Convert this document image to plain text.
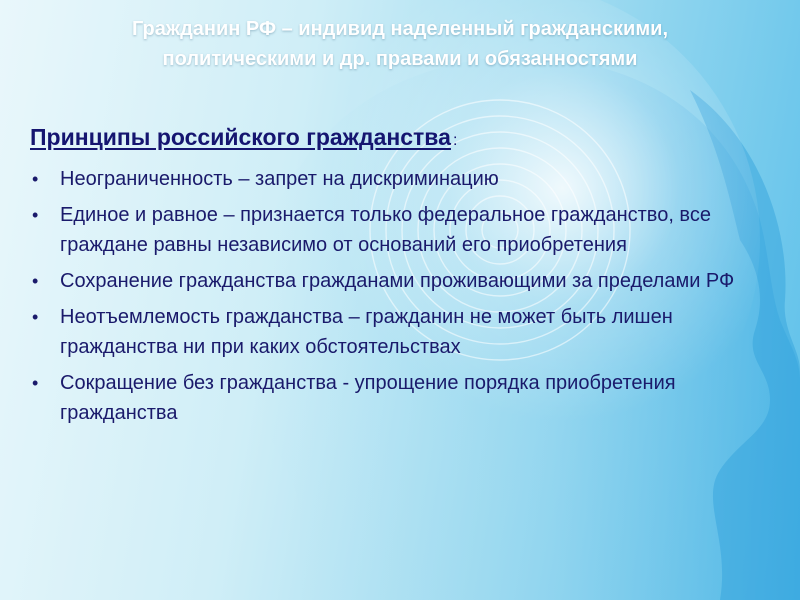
Гражданин РФ – индивид наделенный гражданскими, политическими и др. правами и обязанностями
Принципы российского гражданства :
• Неограниченность – запрет на дискриминацию
• Единое и равное – признается только федеральное гражданство, все граждане равны независимо от оснований его приобретения
• Сохранение гражданства гражданами проживающими за пределами РФ
• Неотъемлемость гражданства – гражданин не может быть лишен гражданства ни при каких обстоятельствах
• Сокращение без гражданства - упрощение порядка приобретения гражданства
